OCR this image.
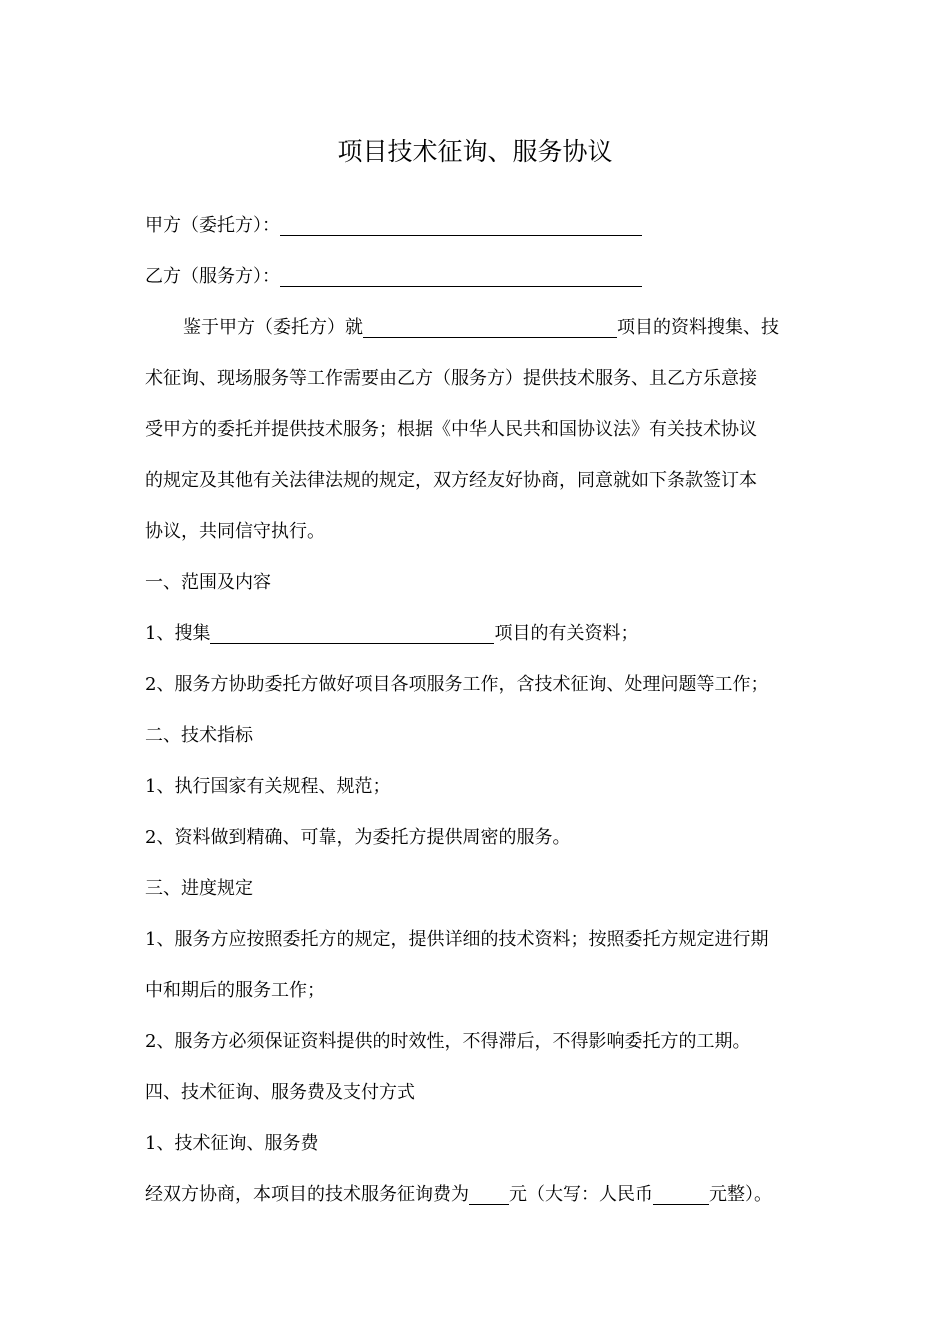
项目技术征询、服务协议
甲方（委托方）：
乙方（服务方）：
鉴于甲方（委托方）就	项目的资料搜集、技
术征询、现场服务等工作需要由乙方（服务方）提供技术服务、且乙方乐意接
受甲方的委托并提供技术服务；根据《中华人民共和国协议法》有关技术协议
的规定及其他有关法律法规的规定，双方经友好协商，同意就如下条款签订本
协议，共同信守执行。
一、范围及内容
1、搜集	项目的有关资料；
2、服务方协助委托方做好项目各项服务工作，含技术征询、处理问题等工作；
二、技术指标
1、执行国家有关规程、规范；
2、资料做到精确、可靠，为委托方提供周密的服务。
三、进度规定
1、服务方应按照委托方的规定，提供详细的技术资料；按照委托方规定进行期
中和期后的服务工作；
2、服务方必须保证资料提供的时效性，不得滞后，不得影响委托方的工期。
四、技术征询、服务费及支付方式
1、技术征询、服务费
经双方协商，本项目的技术服务征询费为 元（大写：人民币	元整）。
